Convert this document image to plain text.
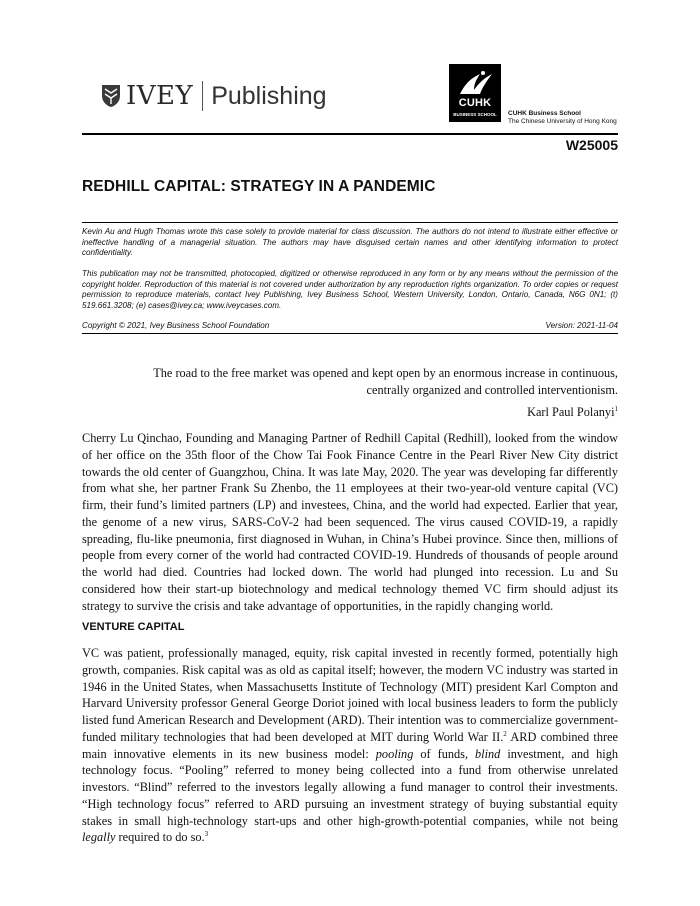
IVEY Publishing	CUHK
BUSINESS SCHOOL	CUHK Business School
The Chinese University of Hong Kong
W25005
REDHILL CAPITAL: STRATEGY IN A PANDEMIC

Kevin Au and Hugh Thomas wrote this case solely to provide material for class discussion. The authors do not intend to illustrate either effective or ineffective handling of a managerial situation. The authors may have disguised certain names and other identifying information to protect confidentiality.

This publication may not be transmitted, photocopied, digitized or otherwise reproduced in any form or by any means without the permission of the copyright holder. Reproduction of this material is not covered under authorization by any reproduction rights organization. To order copies or request permission to reproduce materials, contact Ivey Publishing, Ivey Business School, Western University, London, Ontario, Canada, N6G 0N1; (t) 519.661.3208; (e) cases@ivey.ca; www.iveycases.com.

Copyright © 2021, Ivey Business School Foundation	Version: 2021-11-04

The road to the free market was opened and kept open by an enormous increase in continuous, centrally organized and controlled interventionism.

Karl Paul Polanyi$^1$

Cherry Lu Qinchao, Founding and Managing Partner of Redhill Capital (Redhill), looked from the window of her office on the 35th floor of the Chow Tai Fook Finance Centre in the Pearl River New City district towards the old center of Guangzhou, China. It was late May, 2020. The year was developing far differently from what she, her partner Frank Su Zhenbo, the 11 employees at their two-year-old venture capital (VC) firm, their fund’s limited partners (LP) and investees, China, and the world had expected. Earlier that year, the genome of a new virus, SARS-CoV-2 had been sequenced. The virus caused COVID-19, a rapidly spreading, flu-like pneumonia, first diagnosed in Wuhan, in China’s Hubei province. Since then, millions of people from every corner of the world had contracted COVID-19. Hundreds of thousands of people around the world had died. Countries had locked down. The world had plunged into recession. Lu and Su considered how their start-up biotechnology and medical technology themed VC firm should adjust its strategy to survive the crisis and take advantage of opportunities, in the rapidly changing world.

VENTURE CAPITAL

VC was patient, professionally managed, equity, risk capital invested in recently formed, potentially high growth, companies. Risk capital was as old as capital itself; however, the modern VC industry was started in 1946 in the United States, when Massachusetts Institute of Technology (MIT) president Karl Compton and Harvard University professor General George Doriot joined with local business leaders to form the publicly listed fund American Research and Development (ARD). Their intention was to commercialize government-funded military technologies that had been developed at MIT during World War II.$^2$ ARD combined three main innovative elements in its new business model: pooling of funds, blind investment, and high technology focus. “Pooling” referred to money being collected into a fund from otherwise unrelated investors. “Blind” referred to the investors legally allowing a fund manager to control their investments. “High technology focus” referred to ARD pursuing an investment strategy of buying substantial equity stakes in small high-technology start-ups and other high-growth-potential companies, while not being legally required to do so.$^3$
